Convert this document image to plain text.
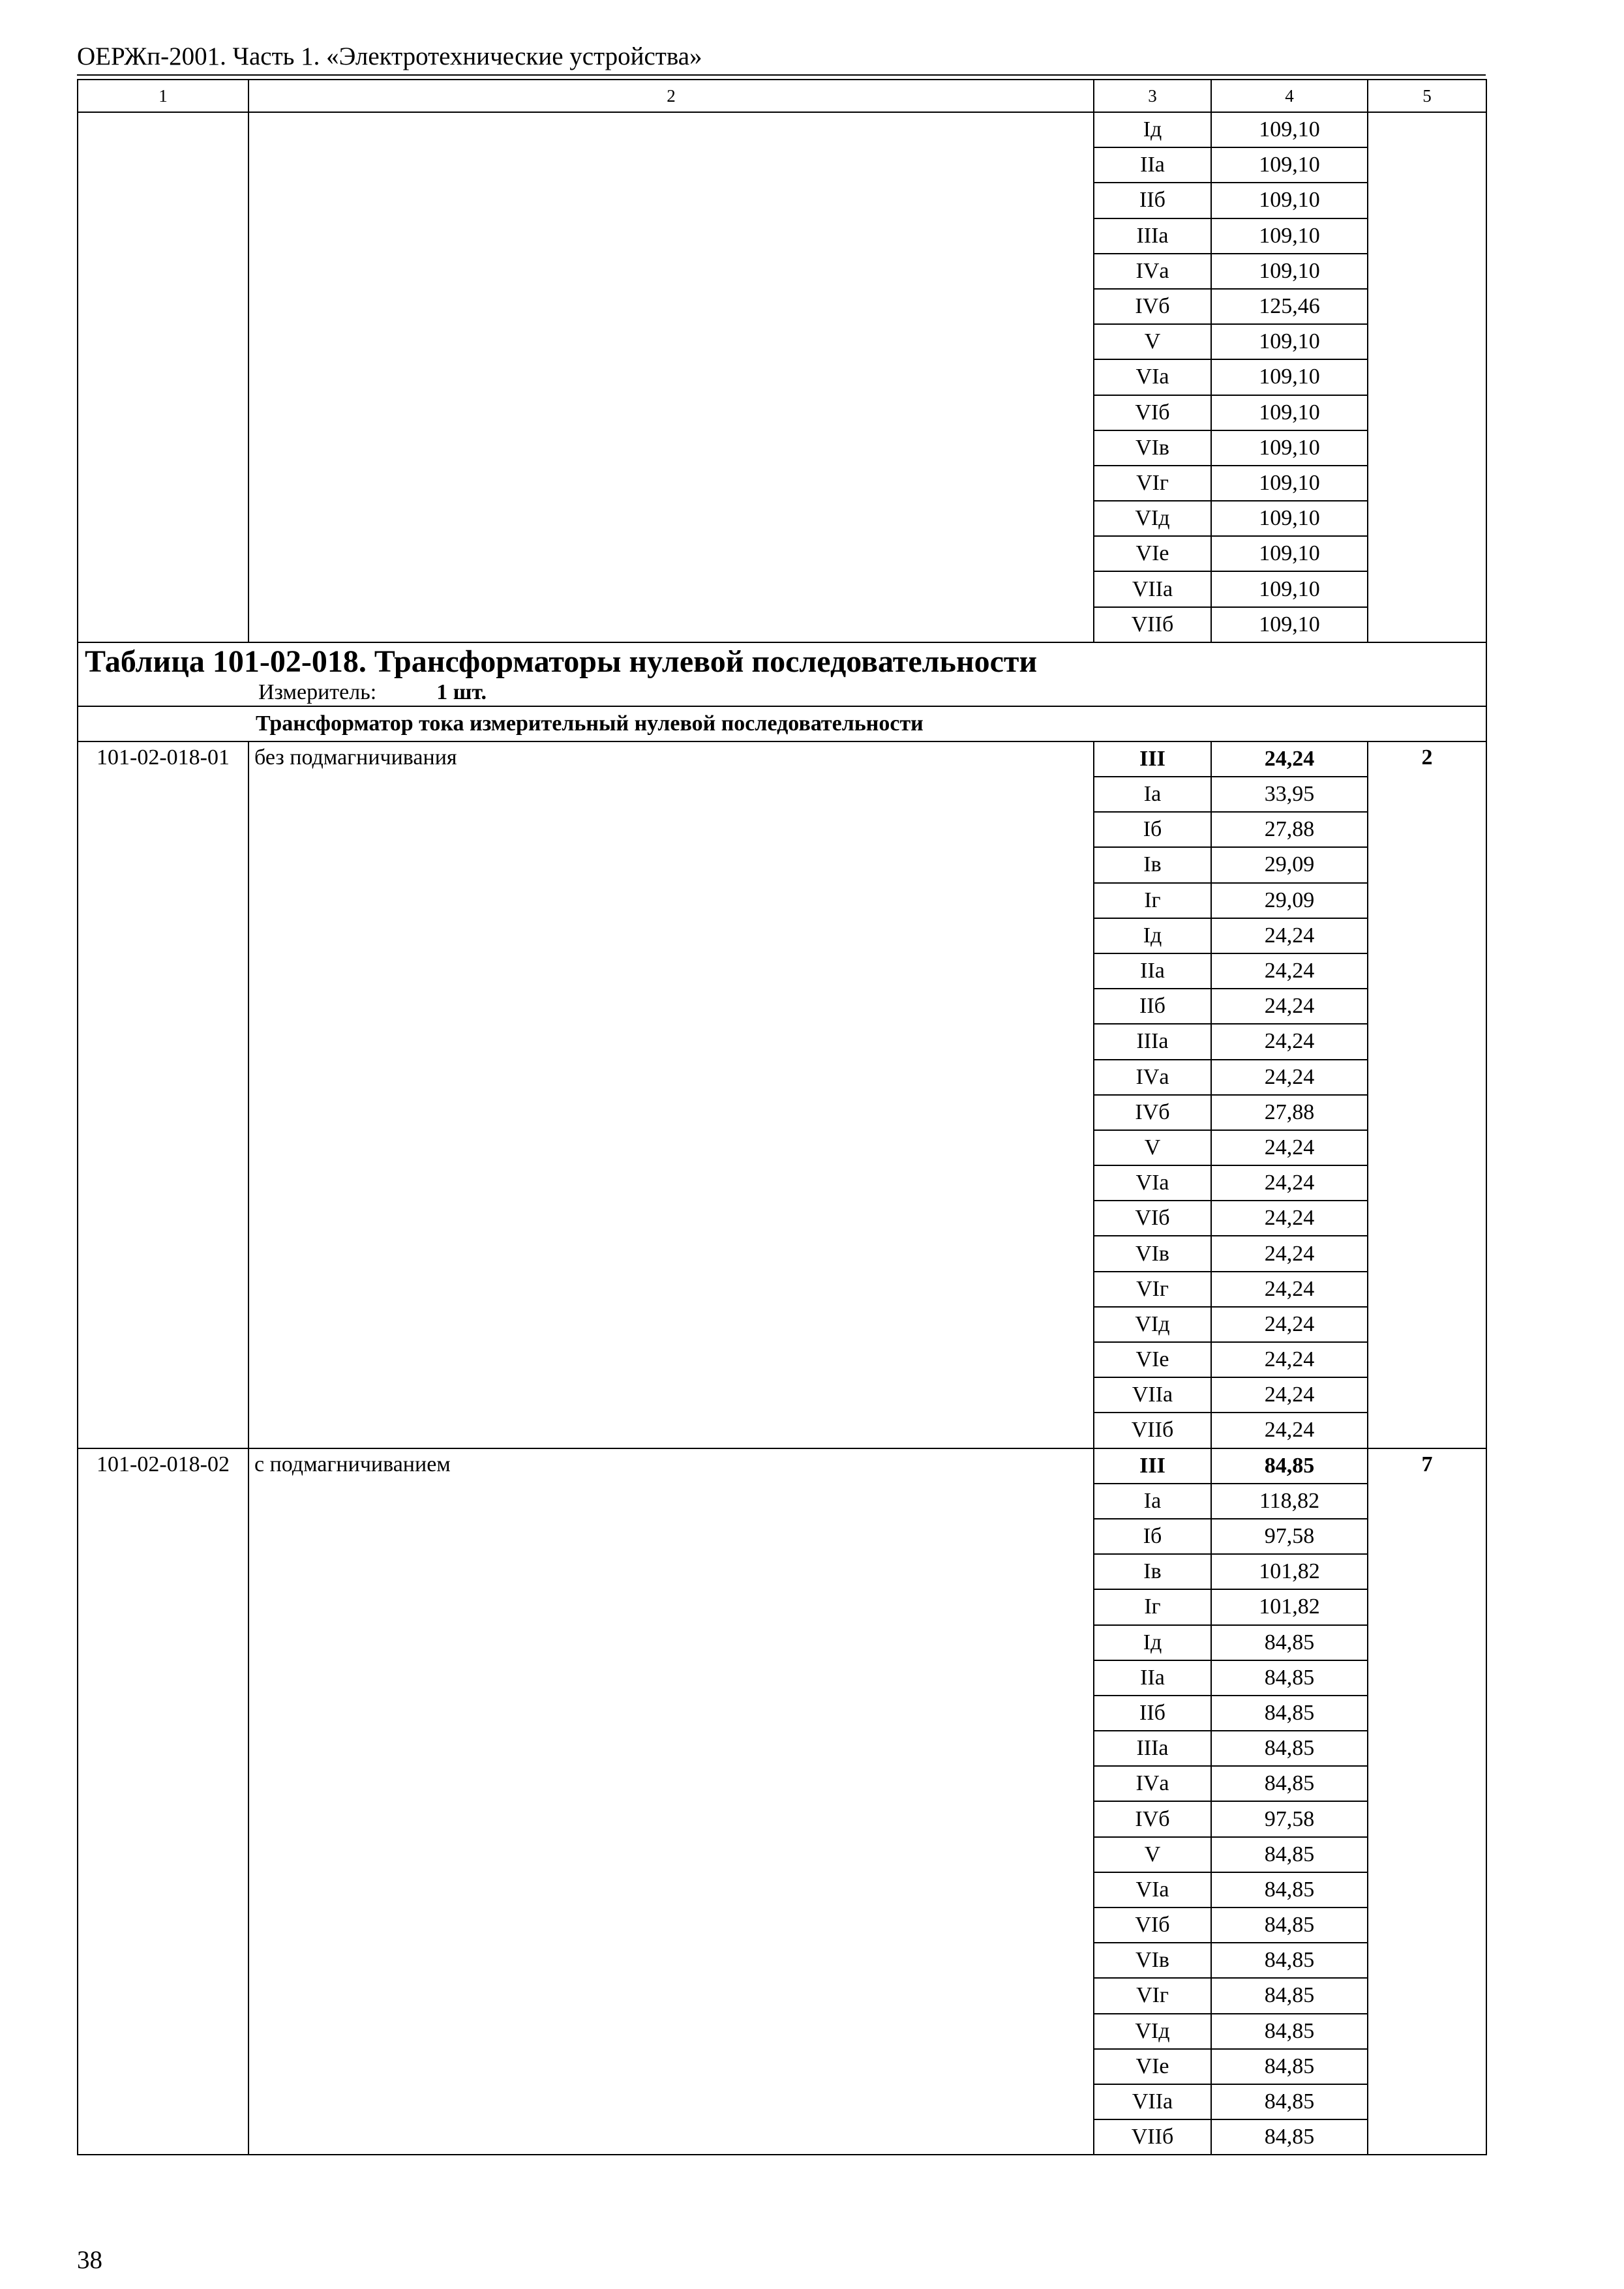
ОЕРЖп-2001. Часть 1. «Электротехнические устройства»
1	2	3	4	5
		Iд	109,10	
		IIа	109,10	
		IIб	109,10	
		IIIа	109,10	
		IVа	109,10	
		IVб	125,46	
		V	109,10	
		VIа	109,10	
		VIб	109,10	
		VIв	109,10	
		VIг	109,10	
		VIд	109,10	
		VIе	109,10	
		VIIа	109,10	
		VIIб	109,10	

Таблица 101-02-018. Трансформаторы нулевой последовательности
Измеритель: 1 шт.				

Трансформатор тока измерительный нулевой последовательности				
101-02-018-01	без подмагничивания	III	24,24	2
		Iа	33,95	
		Iб	27,88	
		Iв	29,09	
		Iг	29,09	
		Iд	24,24	
		IIа	24,24	
		IIб	24,24	
		IIIа	24,24	
		IVа	24,24	
		IVб	27,88	
		V	24,24	
		VIа	24,24	
		VIб	24,24	
		VIв	24,24	
		VIг	24,24	
		VIд	24,24	
		VIе	24,24	
		VIIа	24,24	
		VIIб	24,24	
101-02-018-02	с подмагничиванием	III	84,85	7
		Iа	118,82	
		Iб	97,58	
		Iв	101,82	
		Iг	101,82	
		Iд	84,85	
		IIа	84,85	
		IIб	84,85	
		IIIа	84,85	
		IVа	84,85	
		IVб	97,58	
		V	84,85	
		VIа	84,85	
		VIб	84,85	
		VIв	84,85	
		VIг	84,85	
		VIд	84,85	
		VIе	84,85	
		VIIа	84,85	
		VIIб	84,85	
38
